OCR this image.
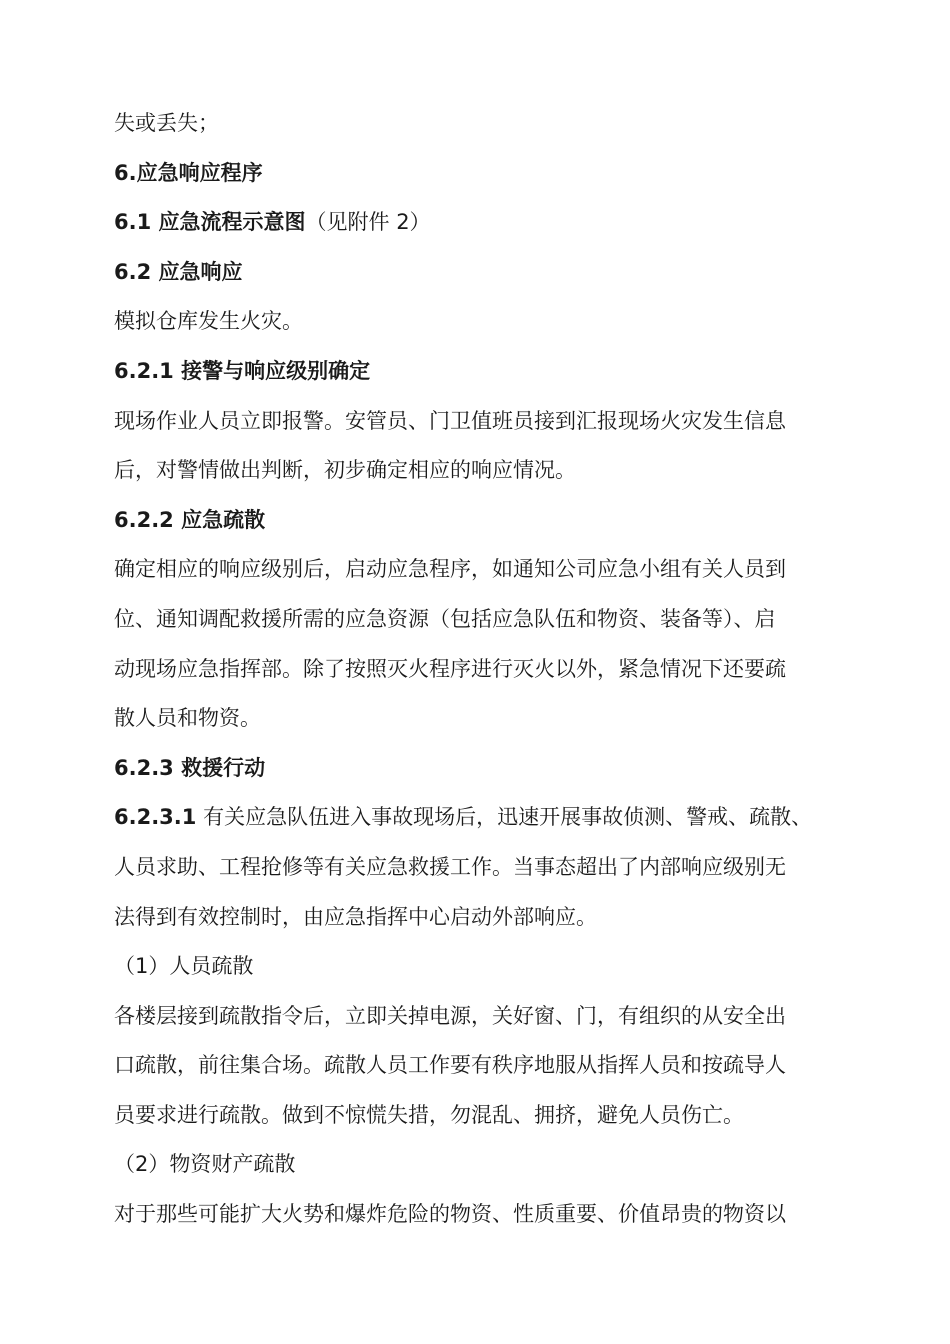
失或丢失；
6.应急响应程序
6.1 应急流程示意图（见附件 2）
6.2 应急响应
模拟仓库发生火灾。
6.2.1 接警与响应级别确定
现场作业人员立即报警。安管员、门卫值班员接到汇报现场火灾发生信息
后，对警情做出判断，初步确定相应的响应情况。
6.2.2 应急疏散
确定相应的响应级别后，启动应急程序，如通知公司应急小组有关人员到
位、通知调配救援所需的应急资源（包括应急队伍和物资、装备等）、启
动现场应急指挥部。除了按照灭火程序进行灭火以外，紧急情况下还要疏
散人员和物资。
6.2.3 救援行动
6.2.3.1 有关应急队伍进入事故现场后，迅速开展事故侦测、警戒、疏散、
人员求助、工程抢修等有关应急救援工作。当事态超出了内部响应级别无
法得到有效控制时，由应急指挥中心启动外部响应。
（1）人员疏散
各楼层接到疏散指令后，立即关掉电源，关好窗、门，有组织的从安全出
口疏散，前往集合场。疏散人员工作要有秩序地服从指挥人员和按疏导人
员要求进行疏散。做到不惊慌失措，勿混乱、拥挤，避免人员伤亡。
（2）物资财产疏散
对于那些可能扩大火势和爆炸危险的物资、性质重要、价值昂贵的物资以
